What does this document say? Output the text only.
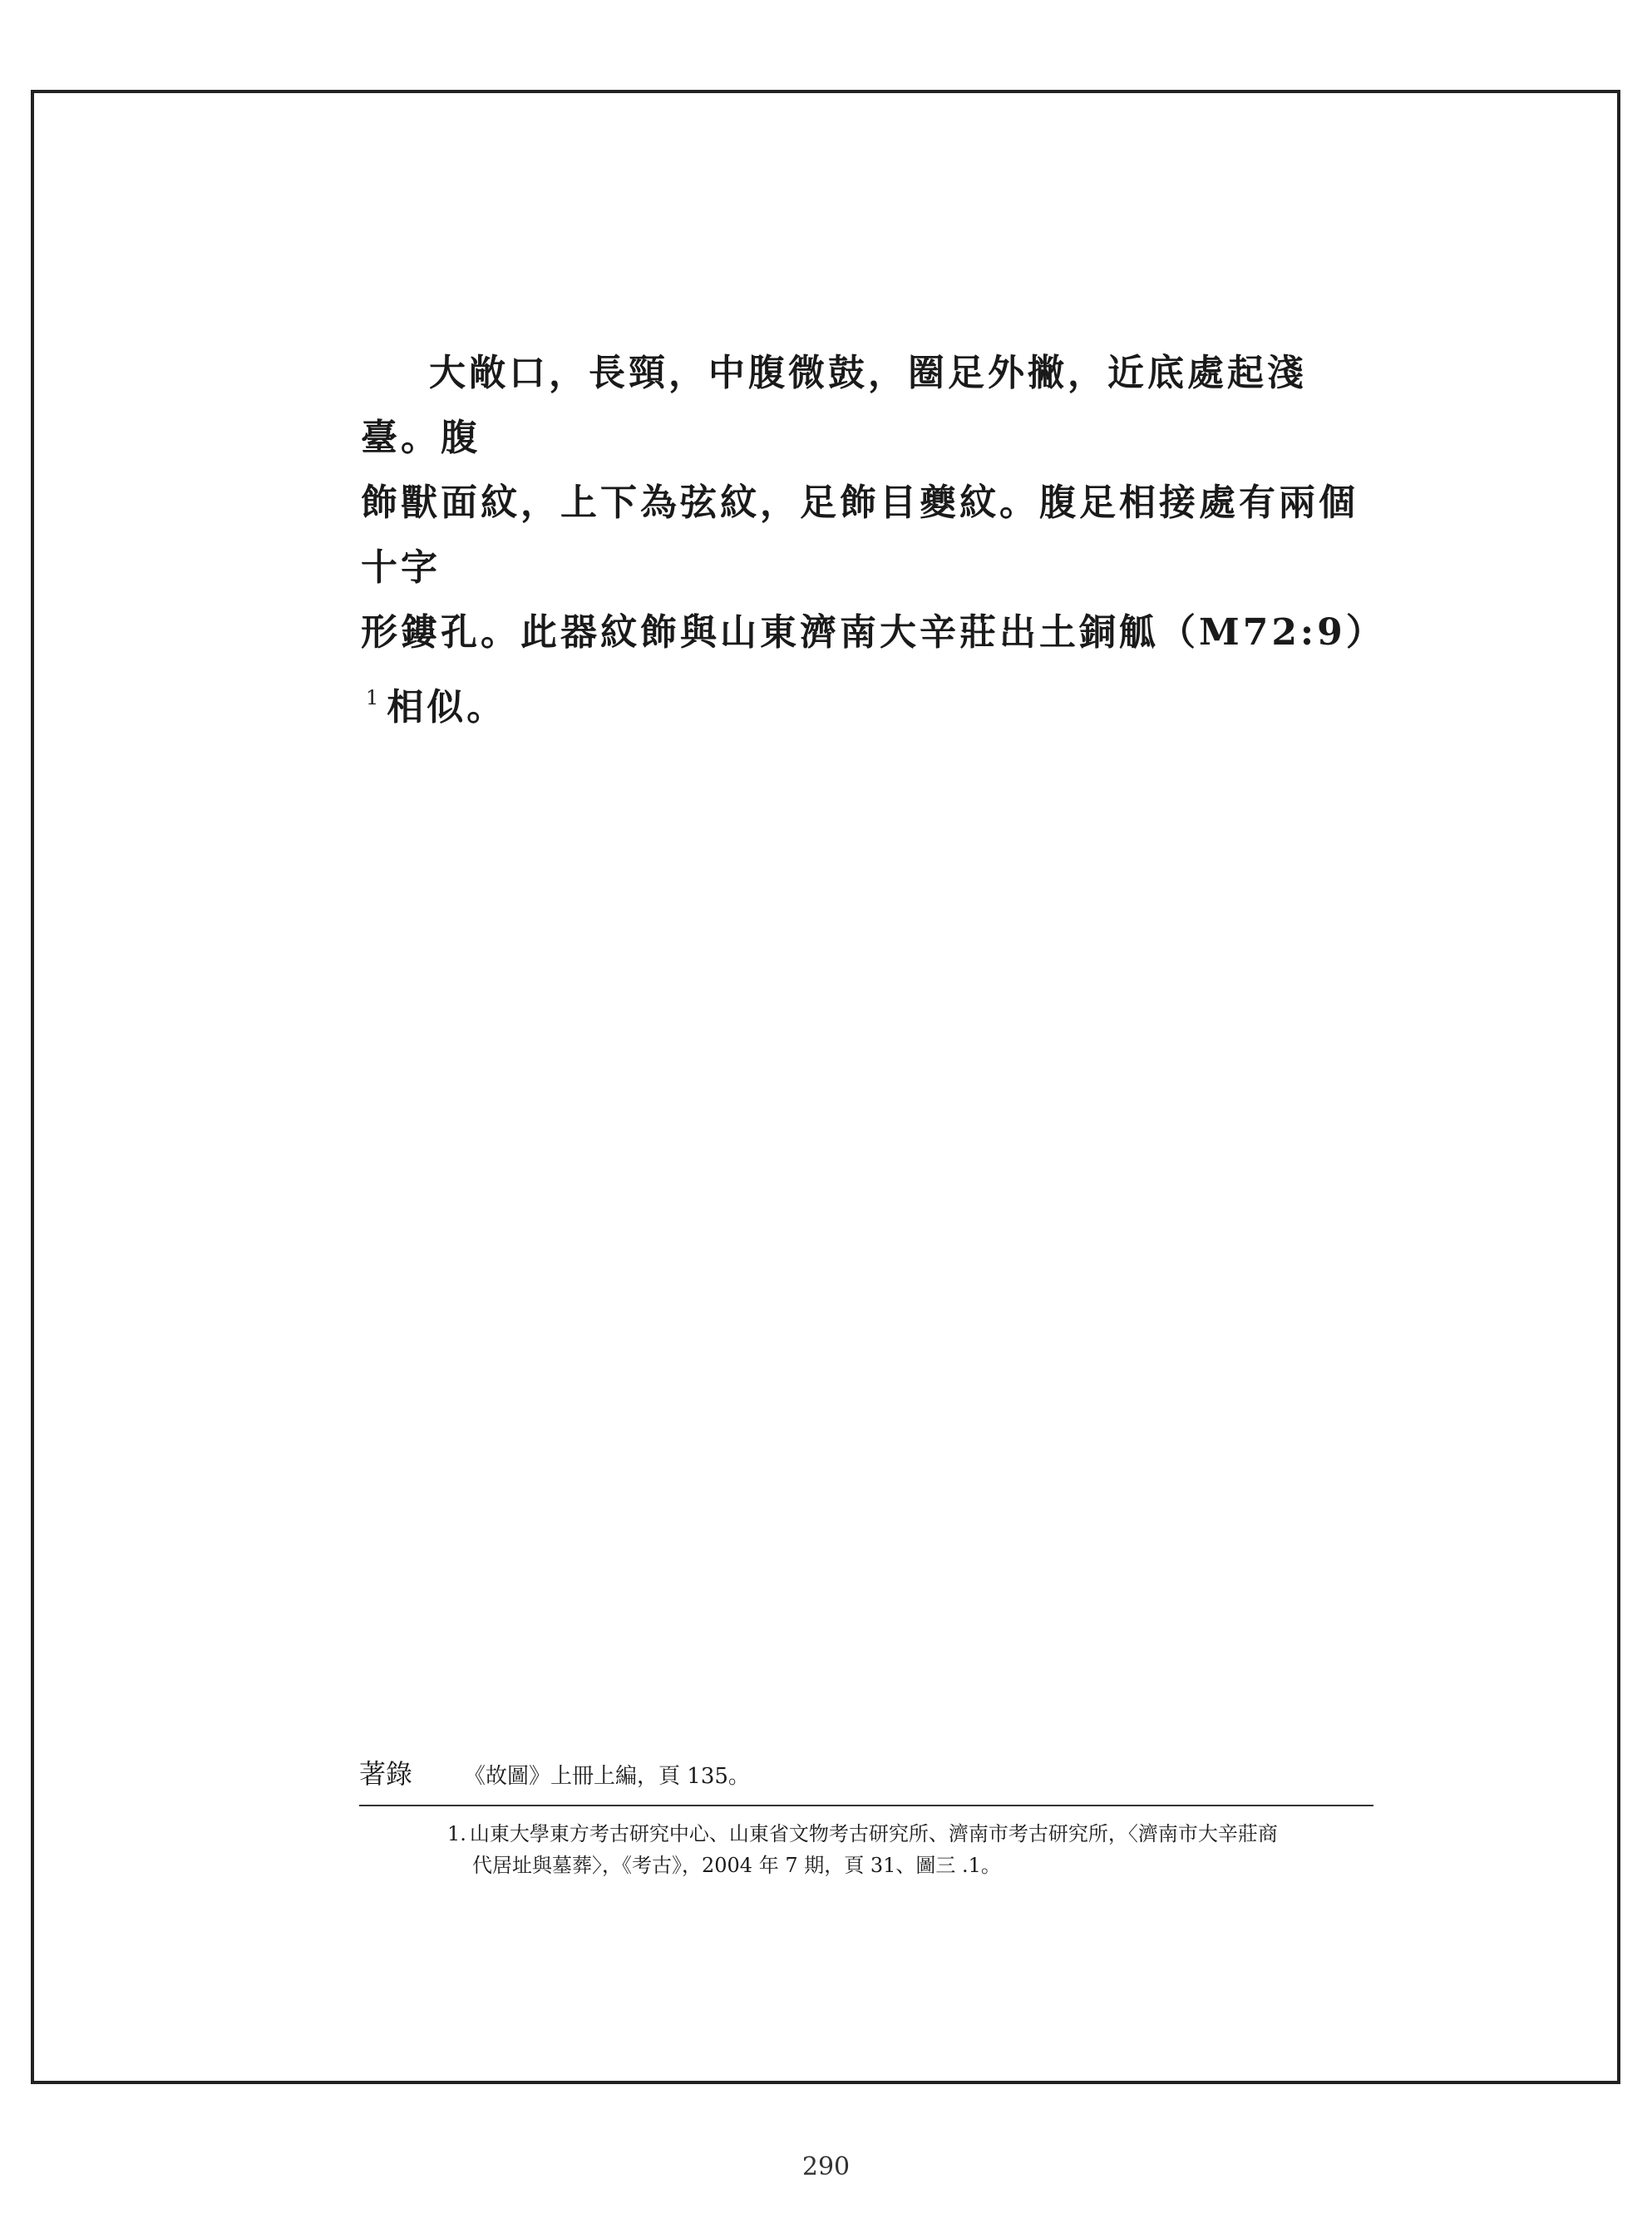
大敞口，長頸，中腹微鼓，圈足外撇，近底處起淺臺。腹
飾獸面紋，上下為弦紋，足飾目夔紋。腹足相接處有兩個十字
形鏤孔。此器紋飾與山東濟南大辛莊出土銅觚（M72:9）$^1$ 相似。
著錄 《故圖》上冊上編，頁 135。
1. 山東大學東方考古研究中心、山東省文物考古研究所、濟南市考古研究所，〈濟南市大辛莊商
代居址與墓葬〉，《考古》，2004 年 7 期，頁 31、圖三 .1。
290
